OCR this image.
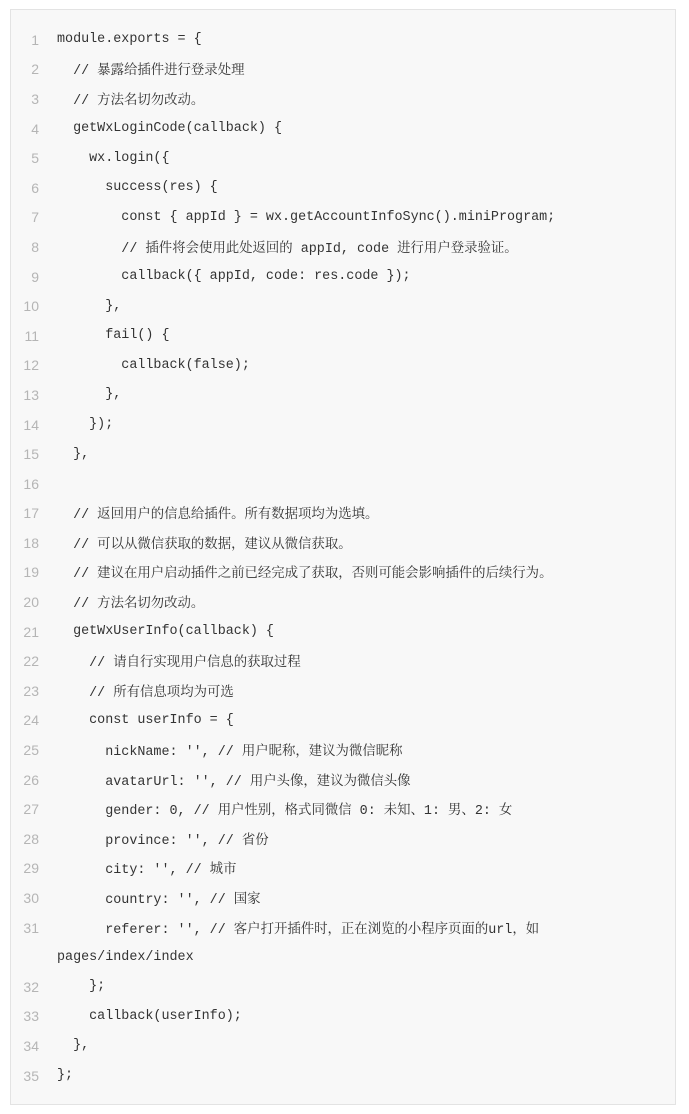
1 module.exports = {
2 // 暴露给插件进行登录处理
3 // 方法名切勿改动。
4 getWxLoginCode(callback) {
5 wx.login({
6 success(res) {
7 const { appId } = wx.getAccountInfoSync().miniProgram;
8 // 插件将会使用此处返回的 appId, code 进行用户登录验证。
9 callback({ appId, code: res.code });
10 },
11 fail() {
12 callback(false);
13 },
14 });
15 },
16
17 // 返回用户的信息给插件。所有数据项均为选填。
18 // 可以从微信获取的数据，建议从微信获取。
19 // 建议在用户启动插件之前已经完成了获取，否则可能会影响插件的后续行为。
20 // 方法名切勿改动。
21 getWxUserInfo(callback) {
22 // 请自行实现用户信息的获取过程
23 // 所有信息项均为可选
24 const userInfo = {
25 nickName: '', // 用户昵称，建议为微信昵称
26 avatarUrl: '', // 用户头像，建议为微信头像
27 gender: 0, // 用户性别，格式同微信 0: 未知、1: 男、2: 女
28 province: '', // 省份
29 city: '', // 城市
30 country: '', // 国家
31 referer: '', // 客户打开插件时，正在浏览的小程序页面的url，如
pages/index/index
32 };
33 callback(userInfo);
34 },
35 };
